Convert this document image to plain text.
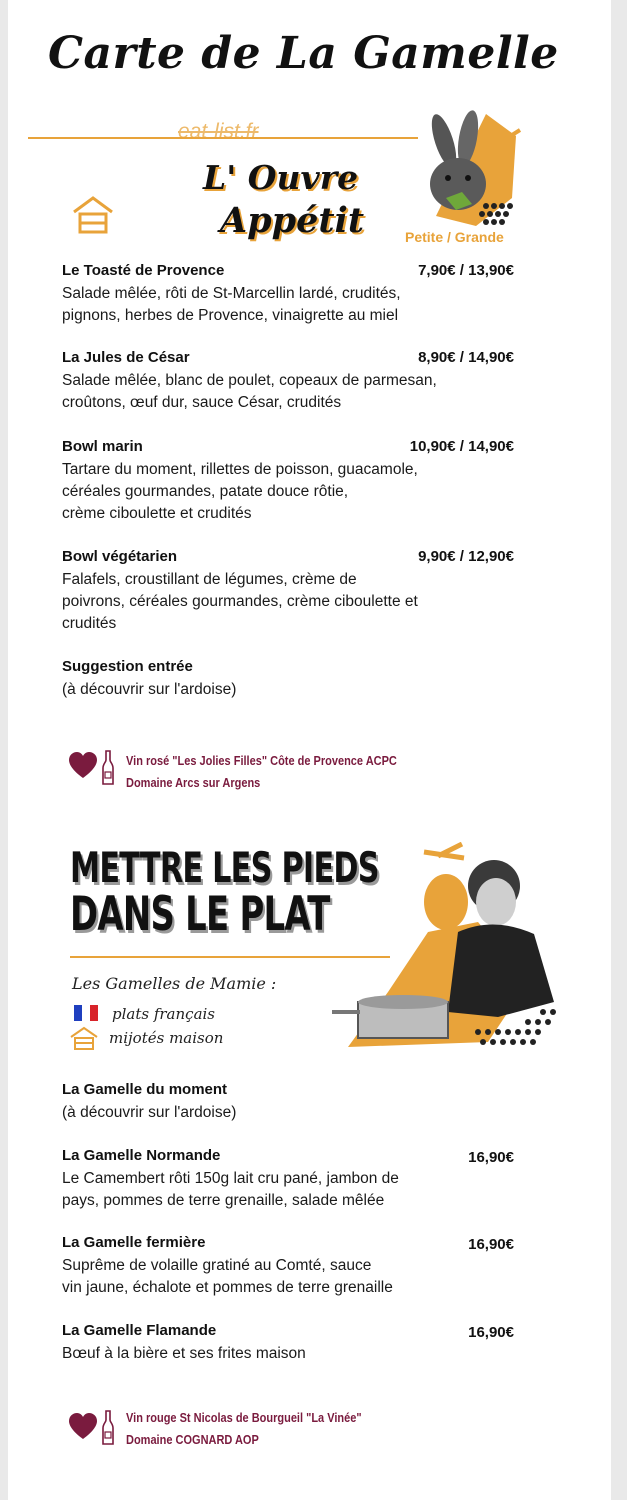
Carte de La Gamelle
eat-list.fr
L' Ouvre
Appétit	Petite / Grande
Le Toasté de Provence	7,90€ / 13,90€
Salade mêlée, rôti de St-Marcellin lardé, crudités,
pignons, herbes de Provence, vinaigrette au miel
La Jules de César	8,90€ / 14,90€
Salade mêlée, blanc de poulet, copeaux de parmesan,
croûtons, œuf dur, sauce César, crudités
Bowl marin	10,90€ / 14,90€
Tartare du moment, rillettes de poisson, guacamole,
céréales gourmandes, patate douce rôtie,
crème ciboulette et crudités
Bowl végétarien	9,90€ / 12,90€
Falafels, croustillant de légumes, crème de
poivrons, céréales gourmandes, crème ciboulette et
crudités
Suggestion entrée
(à découvrir sur l'ardoise)
Vin rosé "Les Jolies Filles" Côte de Provence ACPC
Domaine Arcs sur Argens
METTRE LES PIEDS
DANS LE PLAT
Les Gamelles de Mamie :
plats français
mijotés maison
La Gamelle du moment
(à découvrir sur l'ardoise)
La Gamelle Normande	16,90€
Le Camembert rôti 150g lait cru pané, jambon de
pays, pommes de terre grenaille, salade mêlée
La Gamelle fermière	16,90€
Suprême de volaille gratiné au Comté, sauce
vin jaune, échalote et pommes de terre grenaille
La Gamelle Flamande	16,90€
Bœuf à la bière et ses frites maison
Vin rouge St Nicolas de Bourgueil "La Vinée"
Domaine COGNARD AOP
